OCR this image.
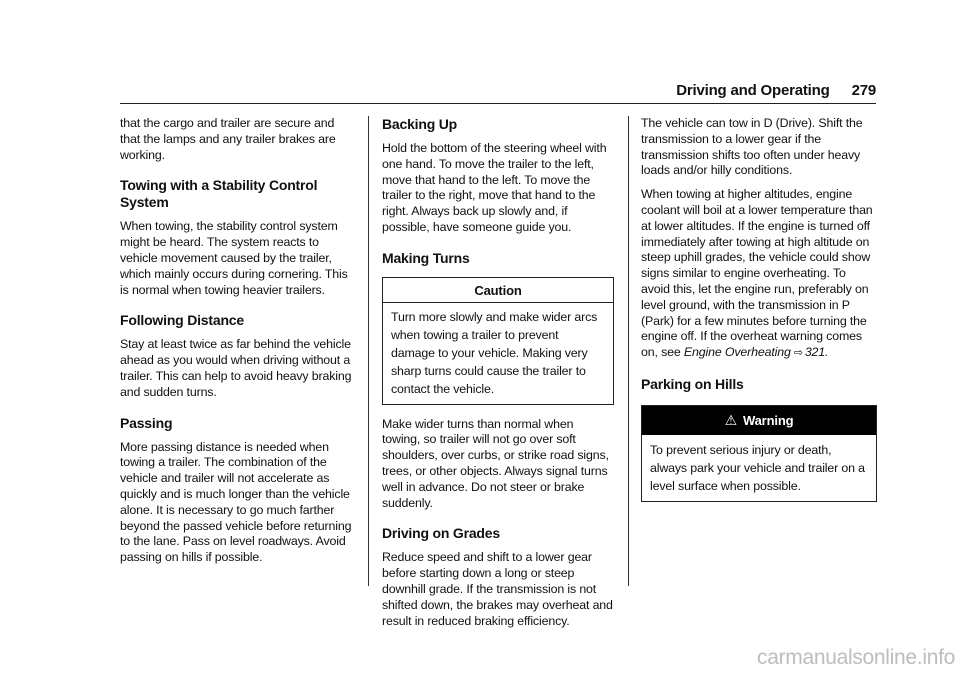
Driving and Operating 279

that the cargo and trailer are secure and that the lamps and any trailer brakes are working.

Towing with a Stability Control System

When towing, the stability control system might be heard. The system reacts to vehicle movement caused by the trailer, which mainly occurs during cornering. This is normal when towing heavier trailers.

Following Distance

Stay at least twice as far behind the vehicle ahead as you would when driving without a trailer. This can help to avoid heavy braking and sudden turns.

Passing

More passing distance is needed when towing a trailer. The combination of the vehicle and trailer will not accelerate as quickly and is much longer than the vehicle alone. It is necessary to go much farther beyond the passed vehicle before returning to the lane. Pass on level roadways. Avoid passing on hills if possible.

Backing Up

Hold the bottom of the steering wheel with one hand. To move the trailer to the left, move that hand to the left. To move the trailer to the right, move that hand to the right. Always back up slowly and, if possible, have someone guide you.

Making Turns
Caution
Turn more slowly and make wider arcs when towing a trailer to prevent damage to your vehicle. Making very sharp turns could cause the trailer to contact the vehicle.

Make wider turns than normal when towing, so trailer will not go over soft shoulders, over curbs, or strike road signs, trees, or other objects. Always signal turns well in advance. Do not steer or brake suddenly.

Driving on Grades

Reduce speed and shift to a lower gear before starting down a long or steep downhill grade. If the transmission is not shifted down, the brakes may overheat and result in reduced braking efficiency.

The vehicle can tow in D (Drive). Shift the transmission to a lower gear if the transmission shifts too often under heavy loads and/or hilly conditions.

When towing at higher altitudes, engine coolant will boil at a lower temperature than at lower altitudes. If the engine is turned off immediately after towing at high altitude on steep uphill grades, the vehicle could show signs similar to engine overheating. To avoid this, let the engine run, preferably on level ground, with the transmission in P (Park) for a few minutes before turning the engine off. If the overheat warning comes on, see Engine Overheating ⇨ 321.

Parking on Hills
⚠ Warning
To prevent serious injury or death, always park your vehicle and trailer on a level surface when possible.
carmanualsonline.info
